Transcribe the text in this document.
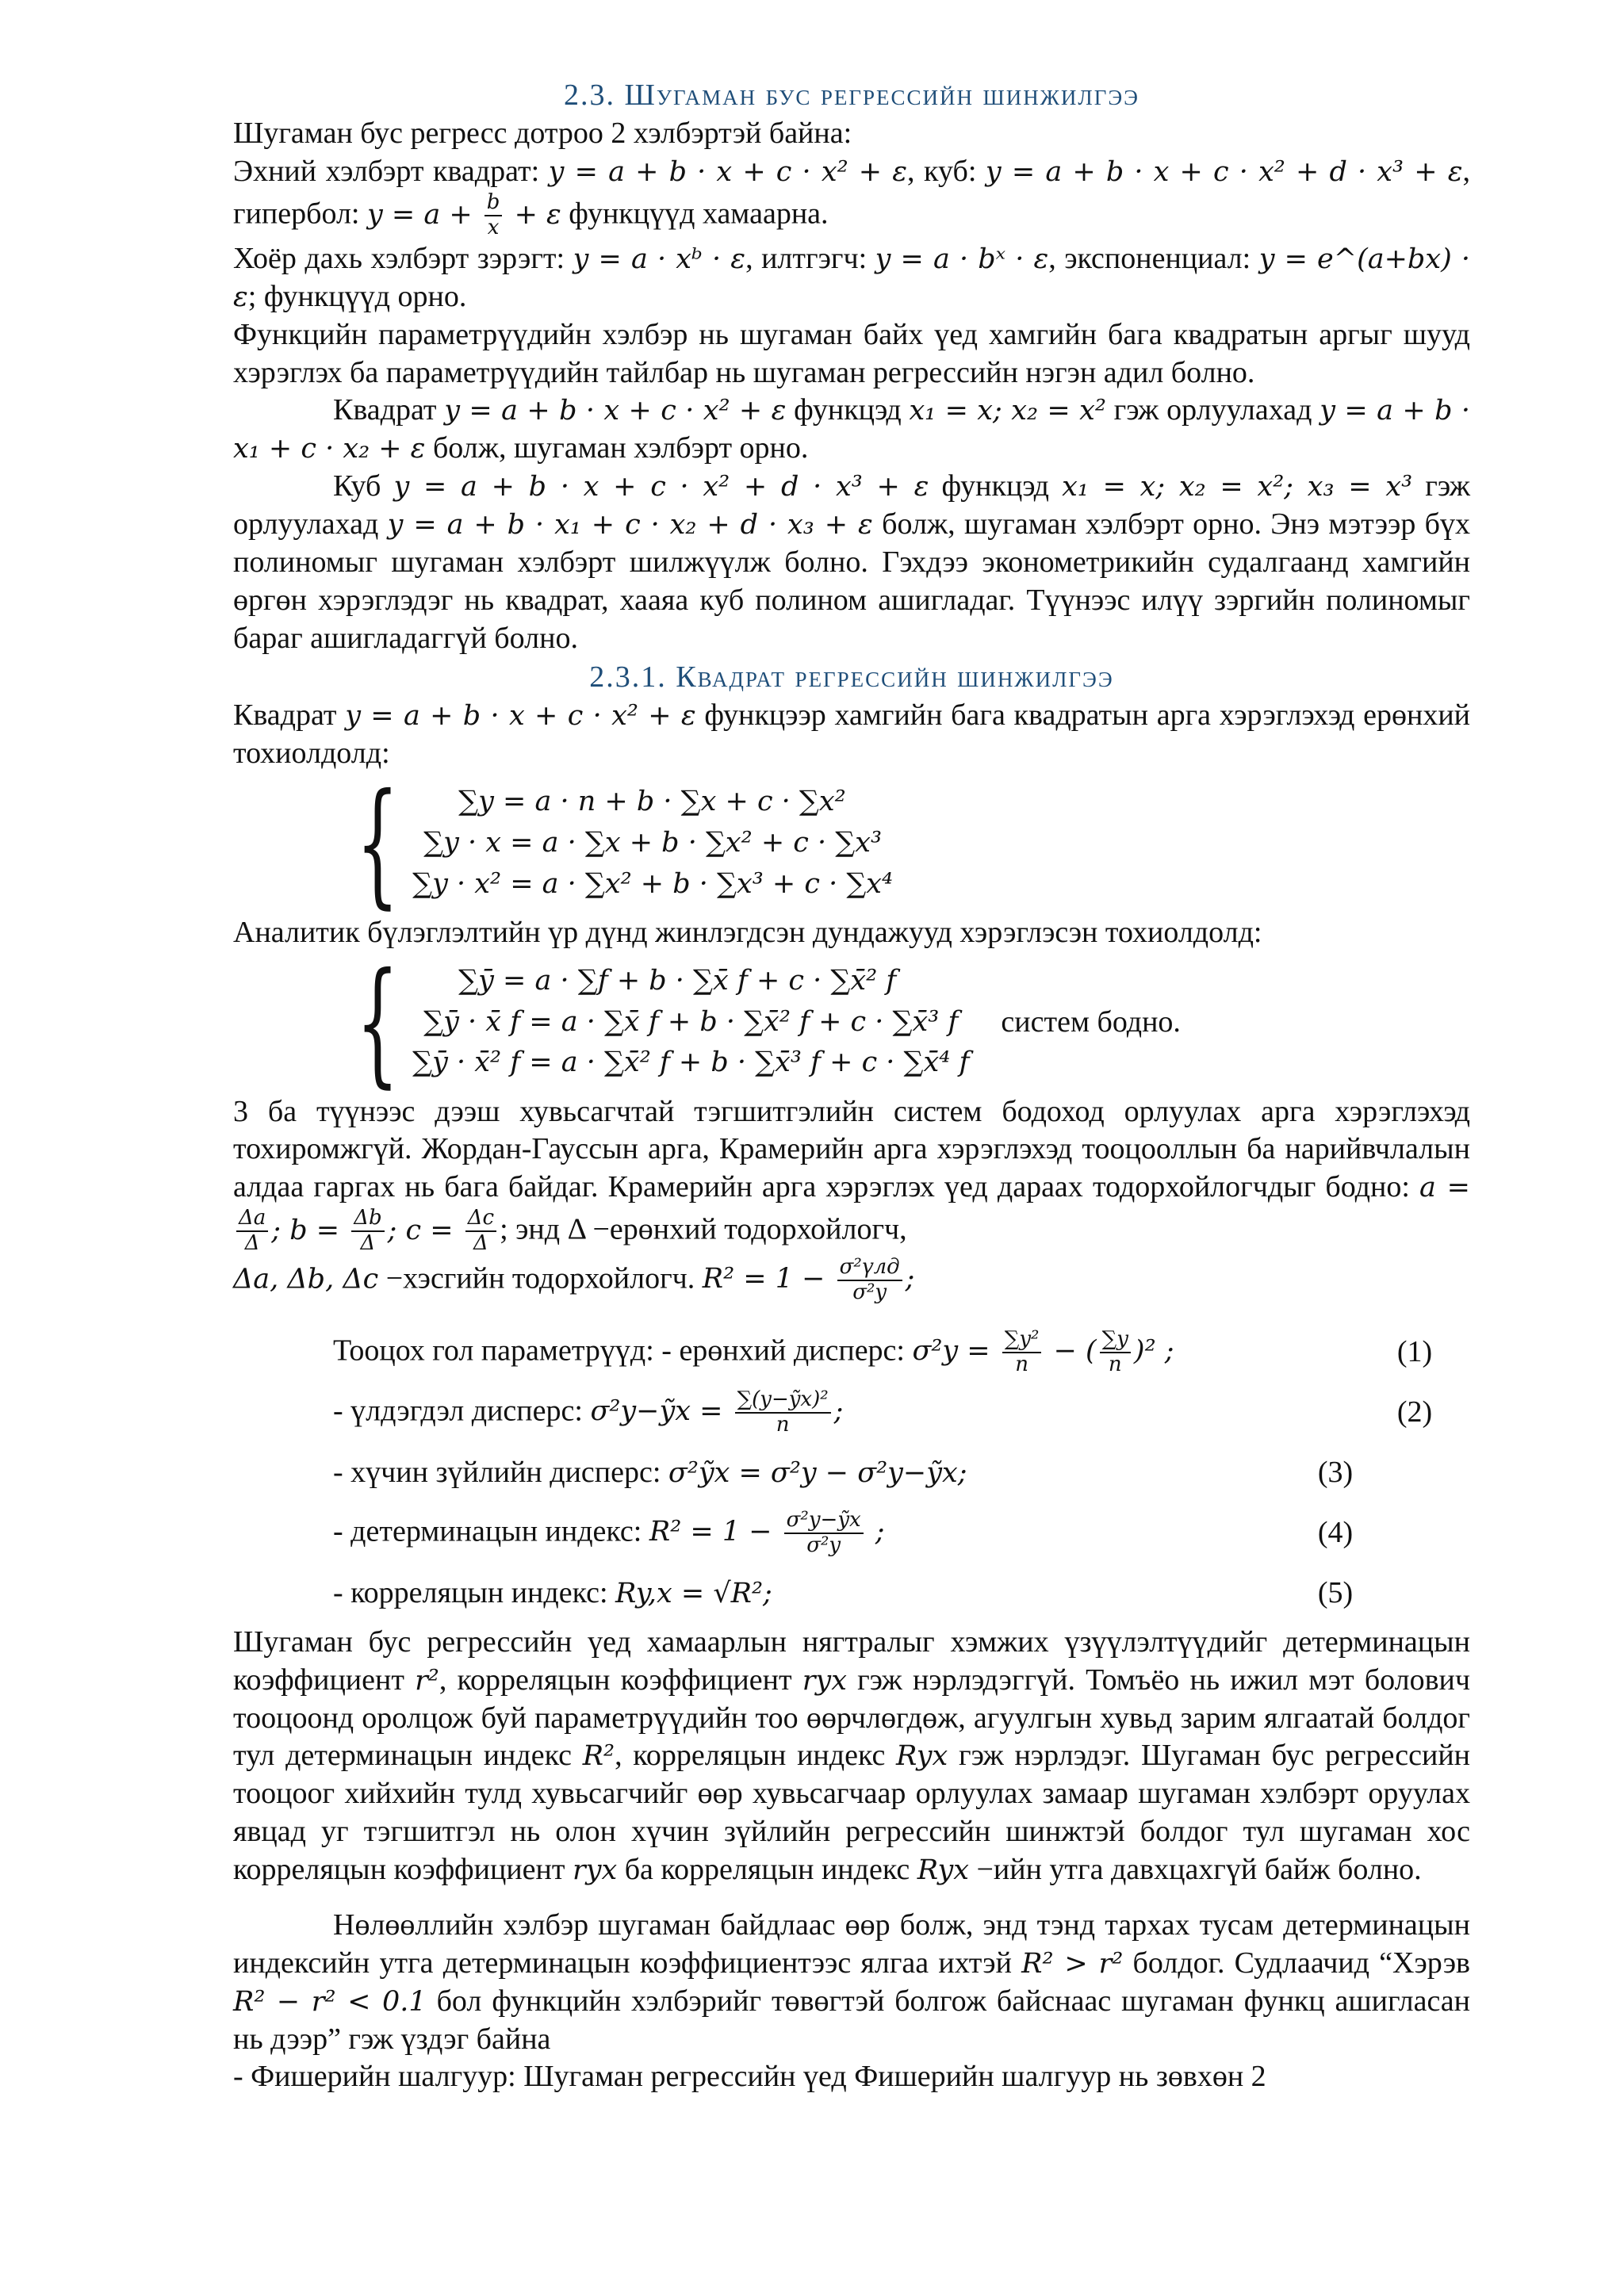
2.3. Шугаман бус регрессийн шинжилгээ

Шугаман бус регресс дотроо 2 хэлбэртэй байна:

Эхний хэлбэрт квадрат: y = a + b · x + c · x² + ε, куб: y = a + b · x + c · x² + d · x³ + ε, гипербол: $y = a + \frac{b}{x} + \varepsilon$ функцүүд хамаарна.

Хоёр дахь хэлбэрт зэрэгт: y = a · xᵇ · ε, илтгэгч: y = a · bˣ · ε, экспоненциал: y = e^(a+bx) · ε; функцүүд орно.

Функцийн параметрүүдийн хэлбэр нь шугаман байх үед хамгийн бага квадратын аргыг шууд хэрэглэх ба параметрүүдийн тайлбар нь шугаман регрессийн нэгэн адил болно.

Квадрат y = a + b · x + c · x² + ε функцэд x₁ = x; x₂ = x² гэж орлуулахад y = a + b · x₁ + c · x₂ + ε болж, шугаман хэлбэрт орно.

Куб y = a + b · x + c · x² + d · x³ + ε функцэд x₁ = x; x₂ = x²; x₃ = x³ гэж орлуулахад y = a + b · x₁ + c · x₂ + d · x₃ + ε болж, шугаман хэлбэрт орно. Энэ мэтээр бүх полиномыг шугаман хэлбэрт шилжүүлж болно. Гэхдээ эконометрикийн судалгаанд хамгийн өргөн хэрэглэдэг нь квадрат, хааяа куб полином ашигладаг. Түүнээс илүү зэргийн полиномыг бараг ашигладаггүй болно.

2.3.1. Квадрат регрессийн шинжилгээ

Квадрат y = a + b · x + c · x² + ε функцээр хамгийн бага квадратын арга хэрэглэхэд ерөнхий тохиолдолд:

{	∑y = a · n + b · ∑x + c · ∑x²
∑y · x = a · ∑x + b · ∑x² + c · ∑x³
∑y · x² = a · ∑x² + b · ∑x³ + c · ∑x⁴

Аналитик бүлэглэлтийн үр дүнд жинлэгдсэн дундажууд хэрэглэсэн тохиолдолд:

{	∑ȳ = a · ∑f + b · ∑x̄ f + c · ∑x̄² f
∑ȳ · x̄ f = a · ∑x̄ f + b · ∑x̄² f + c · ∑x̄³ f
∑ȳ · x̄² f = a · ∑x̄² f + b · ∑x̄³ f + c · ∑x̄⁴ f
систем бодно.

3 ба түүнээс дээш хувьсагчтай тэгшитгэлийн систем бодоход орлуулах арга хэрэглэхэд тохиромжгүй. Жордан-Гауссын арга, Крамерийн арга хэрэглэхэд тооцооллын ба нарийвчлалын алдаа гаргах нь бага байдаг. Крамерийн арга хэрэглэх үед дараах тодорхойлогчдыг бодно: a =
$\frac{\Delta a}{\Delta}$ ; $b = \frac{\Delta b}{\Delta}$ ; $c = \frac{\Delta c}{\Delta}$ ; энд Δ −ерөнхий тодорхойлогч,

Δa, Δb, Δc −хэсгийн тодорхойлогч. $R^2 = 1 - \frac{\text{σ²үлд}}{\text{σ²y}}$ ;

Тооцох гол параметрүүд: - ерөнхий дисперс: $\sigma^2y = \frac{\text{∑y²}}{n}$ − ( $\frac{\sum y}{n} )^2$ ;	(1)
- үлдэгдэл дисперс: σ²y−ỹx = $\frac{\text{∑(y−ỹx)²}}{n}$ ;	(2)
- хүчин зүйлийн дисперс: σ²ỹx = σ²y − σ²y−ỹx;	(3)
- детерминацын индекс: $R^2 = 1 - \frac{\text{σ²y−ỹx}}{\text{σ²y}}$ ;	(4)
- корреляцын индекс: Ry,x = √R²;	(5)

Шугаман бус регрессийн үед хамаарлын нягтралыг хэмжих үзүүлэлтүүдийг детерминацын коэффициент r², корреляцын коэффициент ryx гэж нэрлэдэггүй. Томъёо нь ижил мэт болович тооцоонд оролцож буй параметрүүдийн тоо өөрчлөгдөж, агуулгын хувьд зарим ялгаатай болдог тул детерминацын индекс R², корреляцын индекс Ryx гэж нэрлэдэг. Шугаман бус регрессийн тооцоог хийхийн тулд хувьсагчийг өөр хувьсагчаар орлуулах замаар шугаман хэлбэрт оруулах явцад уг тэгшитгэл нь олон хүчин зүйлийн регрессийн шинжтэй болдог тул шугаман хос корреляцын коэффициент ryx ба корреляцын индекс Ryx −ийн утга давхцахгүй байж болно.

Нөлөөллийн хэлбэр шугаман байдлаас өөр болж, энд тэнд тархах тусам детерминацын индексийн утга детерминацын коэффициентээс ялгаа ихтэй R² > r² болдог. Судлаачид “Хэрэв R² − r² < 0.1 бол функцийн хэлбэрийг төвөгтэй болгож байснаас шугаман функц ашигласан нь дээр” гэж үздэг байна

- Фишерийн шалгуур: Шугаман регрессийн үед Фишерийн шалгуур нь зөвхөн 2
